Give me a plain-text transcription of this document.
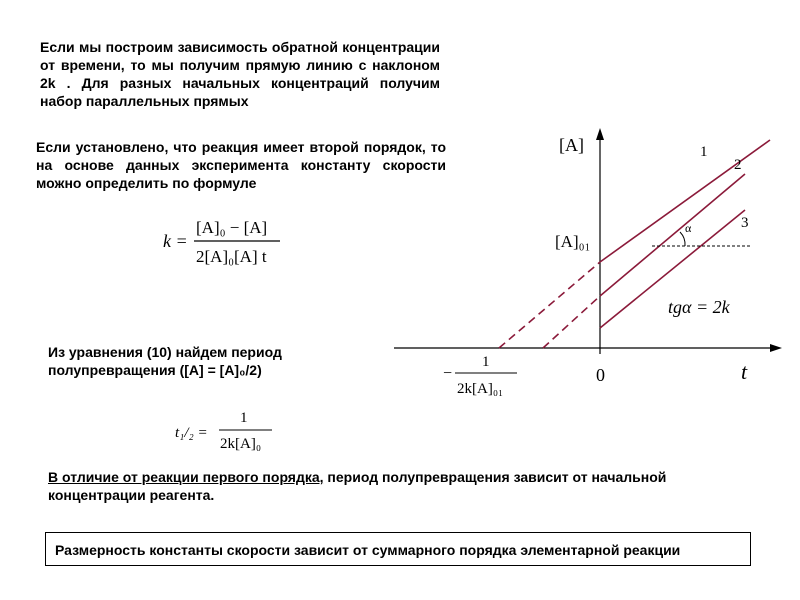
Если мы построим зависимость обратной концентрации от времени, то мы получим прямую линию с наклоном 2k . Для разных начальных концентраций получим набор параллельных прямых

Если установлено, что реакция имеет второй порядок, то на основе данных эксперимента константу скорости можно определить по формуле

Из уравнения (10) найдем период полупревращения ([A] = [A]₀/2)

В отличие от реакции первого порядка, период полупревращения зависит от начальной концентрации реагента.

Размерность константы скорости зависит от суммарного порядка элементарной реакции
k =
[A]₀ − [A]
2[A]₀[A] t
t₁/₂ =
1
2k[A]₀
α
[A]
t
0
[A]₀₁
−
1
2k[A]₀₁
1
2
3
tgα = 2k
